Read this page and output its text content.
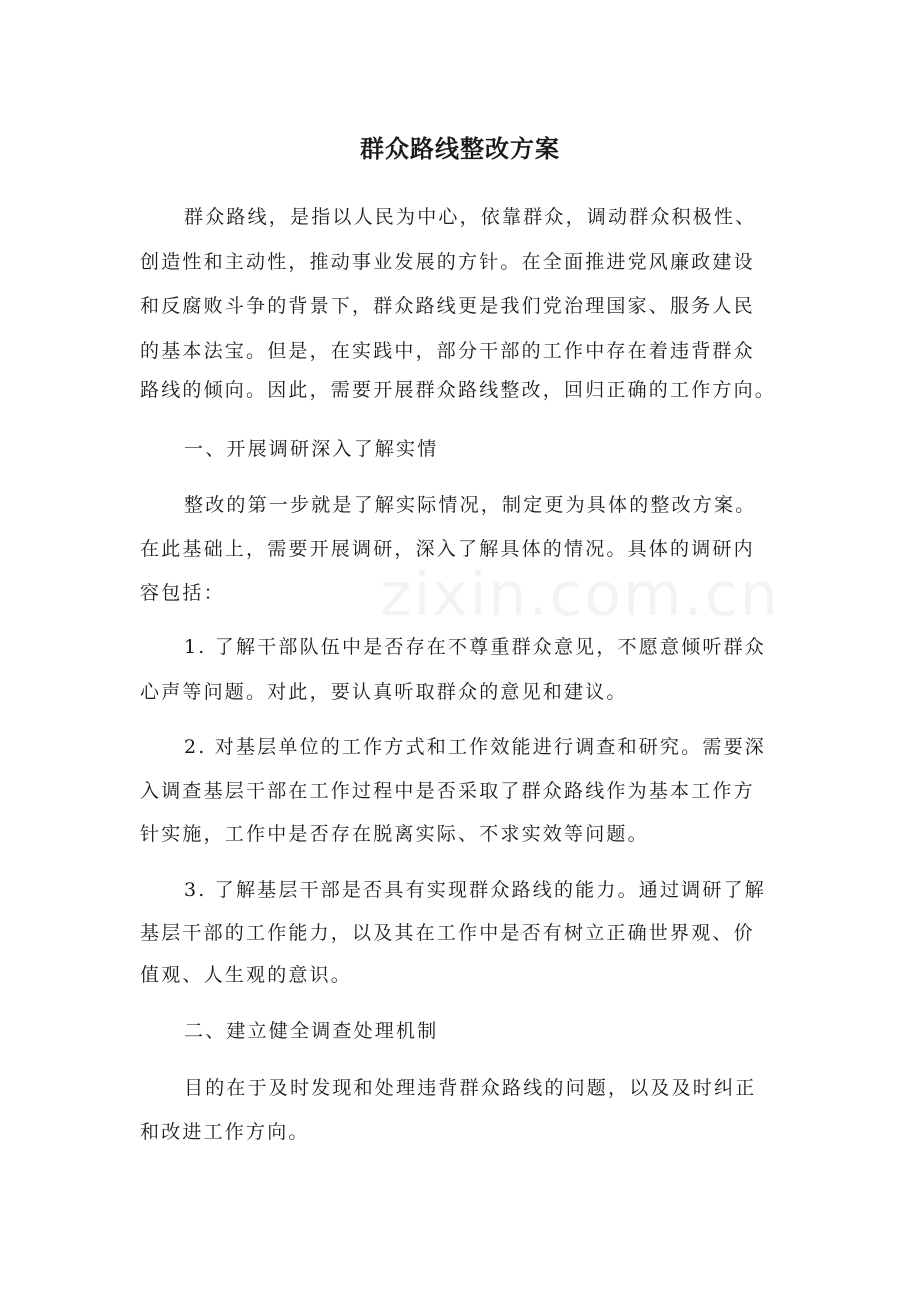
群众路线整改方案
群众路线，是指以人民为中心，依靠群众，调动群众积极性、
创造性和主动性，推动事业发展的方针。在全面推进党风廉政建设
和反腐败斗争的背景下，群众路线更是我们党治理国家、服务人民
的基本法宝。但是，在实践中，部分干部的工作中存在着违背群众
路线的倾向。因此，需要开展群众路线整改，回归正确的工作方向。
一、开展调研深入了解实情
整改的第一步就是了解实际情况，制定更为具体的整改方案。
在此基础上，需要开展调研，深入了解具体的情况。具体的调研内
容包括：
1. 了解干部队伍中是否存在不尊重群众意见，不愿意倾听群众
心声等问题。对此，要认真听取群众的意见和建议。
2. 对基层单位的工作方式和工作效能进行调查和研究。需要深
入调查基层干部在工作过程中是否采取了群众路线作为基本工作方
针实施，工作中是否存在脱离实际、不求实效等问题。
3. 了解基层干部是否具有实现群众路线的能力。通过调研了解
基层干部的工作能力，以及其在工作中是否有树立正确世界观、价
值观、人生观的意识。
二、建立健全调查处理机制
目的在于及时发现和处理违背群众路线的问题，以及及时纠正
和改进工作方向。
